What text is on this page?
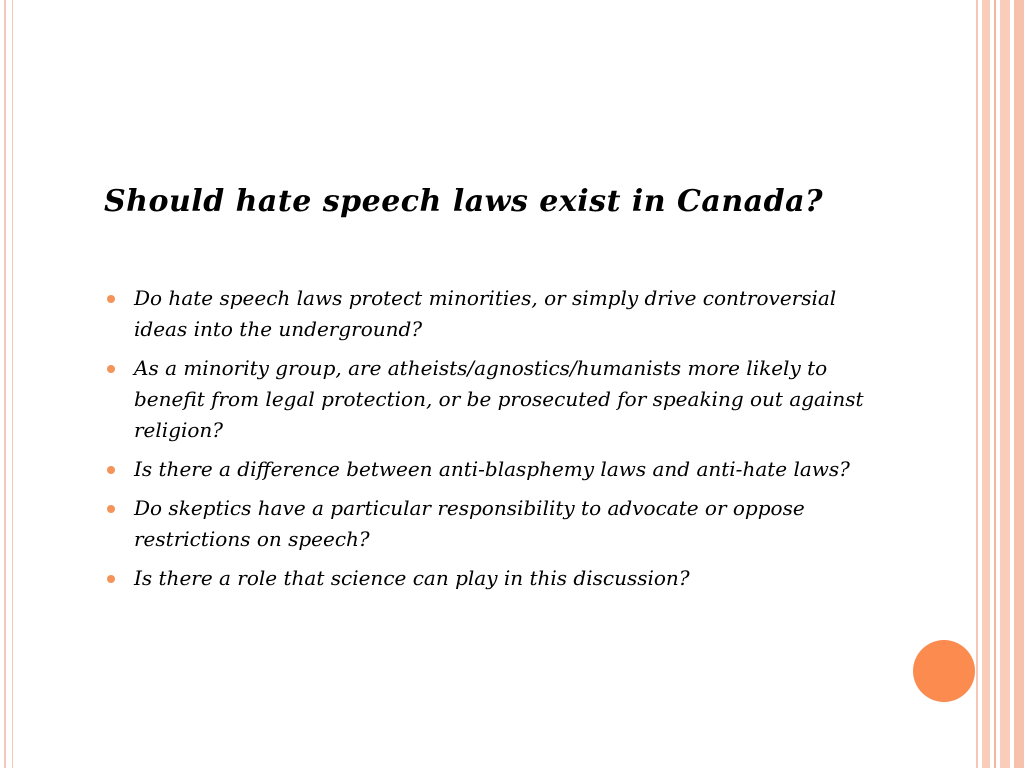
Should hate speech laws exist in Canada?
Do hate speech laws protect minorities, or simply drive controversial ideas into the underground?
As a minority group, are atheists/agnostics/humanists more likely to benefit from legal protection, or be prosecuted for speaking out against religion?
Is there a difference between anti-blasphemy laws and anti-hate laws?
Do skeptics have a particular responsibility to advocate or oppose restrictions on speech?
Is there a role that science can play in this discussion?
